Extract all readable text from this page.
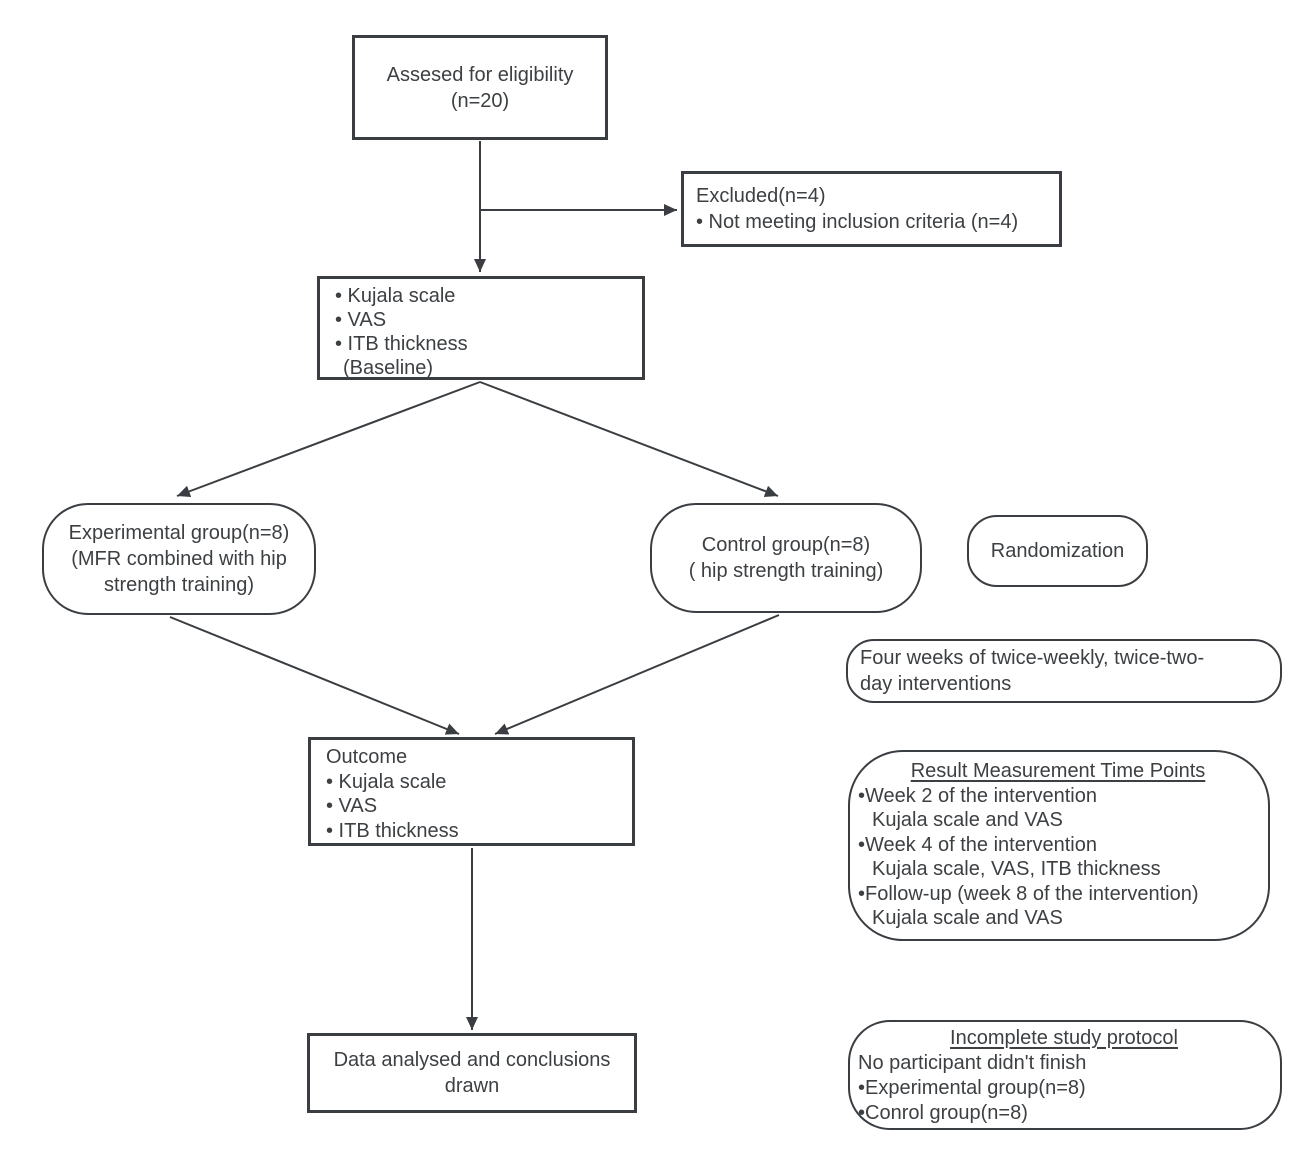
Assesed for eligibility
(n=20)
Excluded(n=4)
• Not meeting inclusion criteria (n=4)
• Kujala scale
• VAS
• ITB thickness
(Baseline)
Experimental group(n=8)
(MFR combined with hip strength training)
Control group(n=8)
( hip strength training)
Randomization
Four weeks of twice-weekly, twice-two-
day interventions
Outcome
• Kujala scale
• VAS
• ITB thickness
Result Measurement Time Points
•Week 2 of the intervention
Kujala scale and VAS
•Week 4 of the intervention
Kujala scale, VAS, ITB thickness
•Follow-up (week 8 of the intervention)
Kujala scale and VAS
Data analysed and conclusions drawn
Incomplete study protocol
No participant didn't finish
•Experimental group(n=8)
•Conrol group(n=8)
